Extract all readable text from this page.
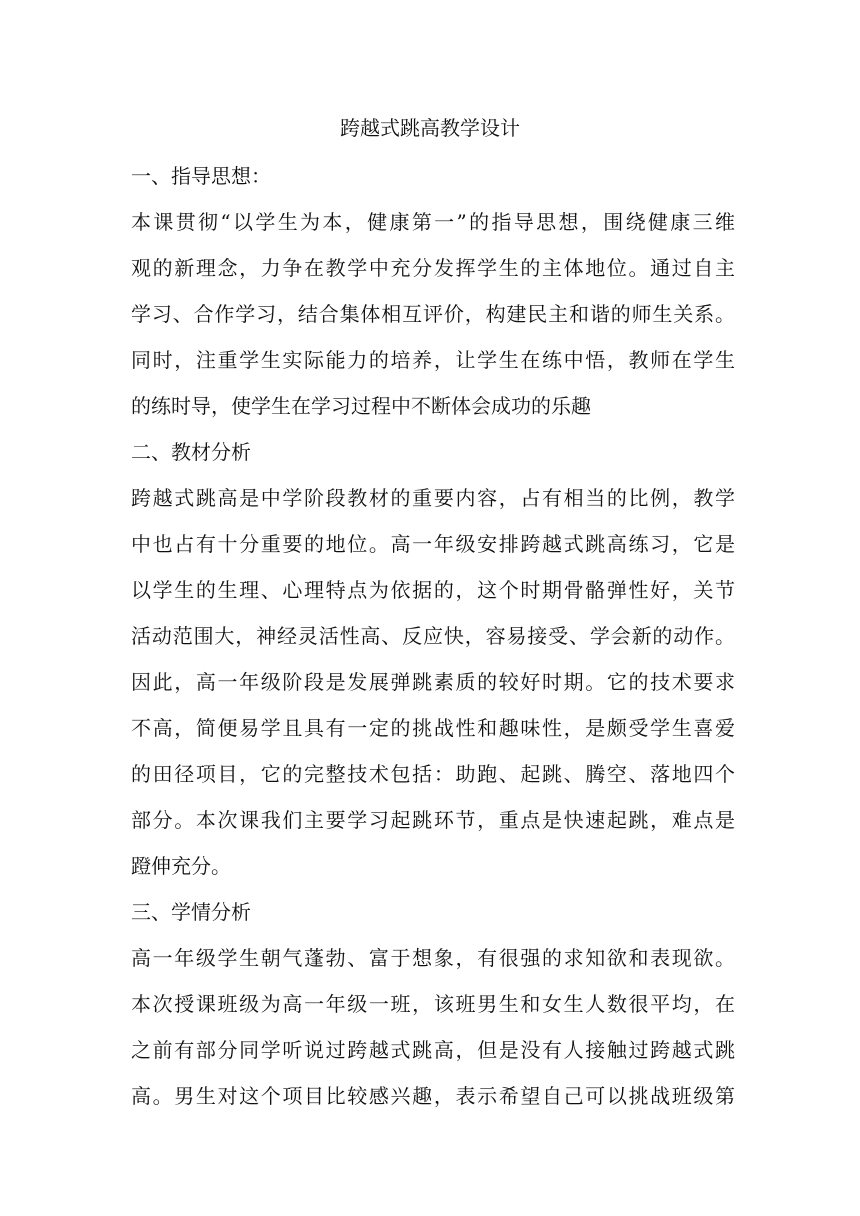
跨越式跳高教学设计
一、指导思想：
本课贯彻“以学生为本，健康第一”的指导思想，围绕健康三维
观的新理念，力争在教学中充分发挥学生的主体地位。通过自主
学习、合作学习，结合集体相互评价，构建民主和谐的师生关系。
同时，注重学生实际能力的培养，让学生在练中悟，教师在学生
的练时导，使学生在学习过程中不断体会成功的乐趣
二、教材分析
跨越式跳高是中学阶段教材的重要内容，占有相当的比例，教学
中也占有十分重要的地位。高一年级安排跨越式跳高练习，它是
以学生的生理、心理特点为依据的，这个时期骨骼弹性好，关节
活动范围大，神经灵活性高、反应快，容易接受、学会新的动作。
因此，高一年级阶段是发展弹跳素质的较好时期。它的技术要求
不高，简便易学且具有一定的挑战性和趣味性，是颇受学生喜爱
的田径项目，它的完整技术包括：助跑、起跳、腾空、落地四个
部分。本次课我们主要学习起跳环节，重点是快速起跳，难点是
蹬伸充分。
三、学情分析
高一年级学生朝气蓬勃、富于想象，有很强的求知欲和表现欲。
本次授课班级为高一年级一班，该班男生和女生人数很平均，在
之前有部分同学听说过跨越式跳高，但是没有人接触过跨越式跳
高。男生对这个项目比较感兴趣，表示希望自己可以挑战班级第
